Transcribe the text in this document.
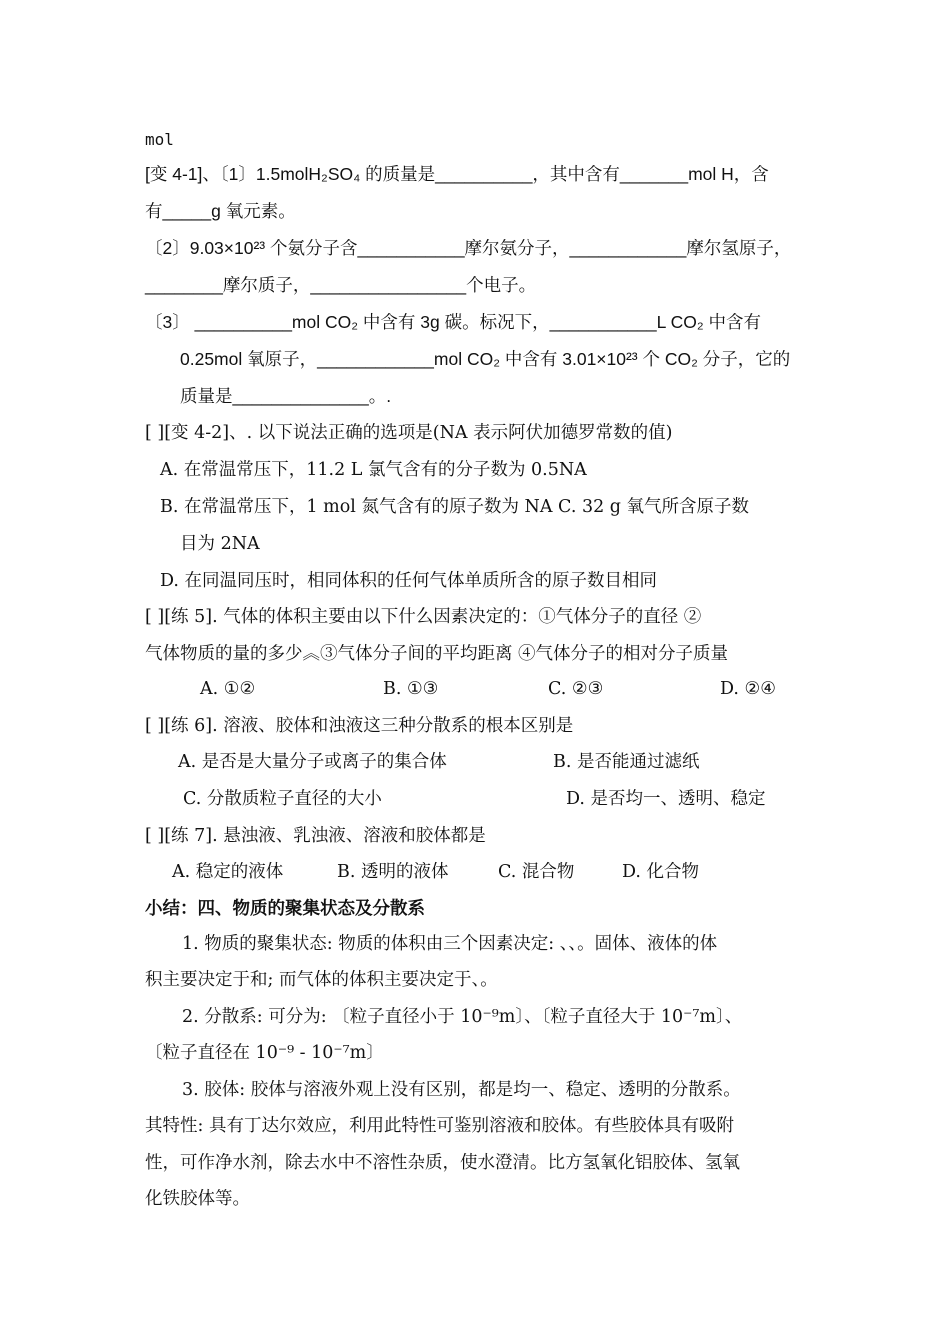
mol
[变 4-1]、〔1〕1.5molH₂SO₄ 的质量是__________，其中含有_______mol H，含
有_____g 氧元素。
〔2〕9.03×10²³ 个氨分子含___________摩尔氨分子，____________摩尔氢原子，
________摩尔质子，________________个电子。
〔3〕 __________mol CO₂ 中含有 3g 碳。标况下，___________L CO₂ 中含有
0.25mol 氧原子，____________mol CO₂ 中含有 3.01×10²³ 个 CO₂ 分子，它的
质量是______________。.
[ ][变 4-2]、. 以下说法正确的选项是(NA 表示阿伏加德罗常数的值)
A. 在常温常压下，11.2 L 氯气含有的分子数为 0.5NA
B. 在常温常压下，1 mol 氮气含有的原子数为 NA C. 32 g 氧气所含原子数
目为 2NA
D. 在同温同压时，相同体积的任何气体单质所含的原子数目相同
[ ][练 5]. 气体的体积主要由以下什么因素决定的：①气体分子的直径 ②
气体物质的量的多少︽③气体分子间的平均距离 ④气体分子的相对分子质量
A. ①②	B. ①③	C. ②③	D. ②④
[ ][练 6]. 溶液、胶体和浊液这三种分散系的根本区别是
A. 是否是大量分子或离子的集合体	B. 是否能通过滤纸
C. 分散质粒子直径的大小	D. 是否均一、透明、稳定
[ ][练 7]. 悬浊液、乳浊液、溶液和胶体都是
A. 稳定的液体	B. 透明的液体	C. 混合物	D. 化合物
小结：四、物质的聚集状态及分散系
1. 物质的聚集状态: 物质的体积由三个因素决定: 、、。固体、液体的体
积主要决定于和; 而气体的体积主要决定于、。
2. 分散系: 可分为: 〔粒子直径小于 10⁻⁹m〕、〔粒子直径大于 10⁻⁷m〕、
〔粒子直径在 10⁻⁹ - 10⁻⁷m〕
3. 胶体: 胶体与溶液外观上没有区别，都是均一、稳定、透明的分散系。
其特性: 具有丁达尔效应，利用此特性可鉴别溶液和胶体。有些胶体具有吸附
性，可作净水剂，除去水中不溶性杂质，使水澄清。比方氢氧化铝胶体、氢氧
化铁胶体等。
